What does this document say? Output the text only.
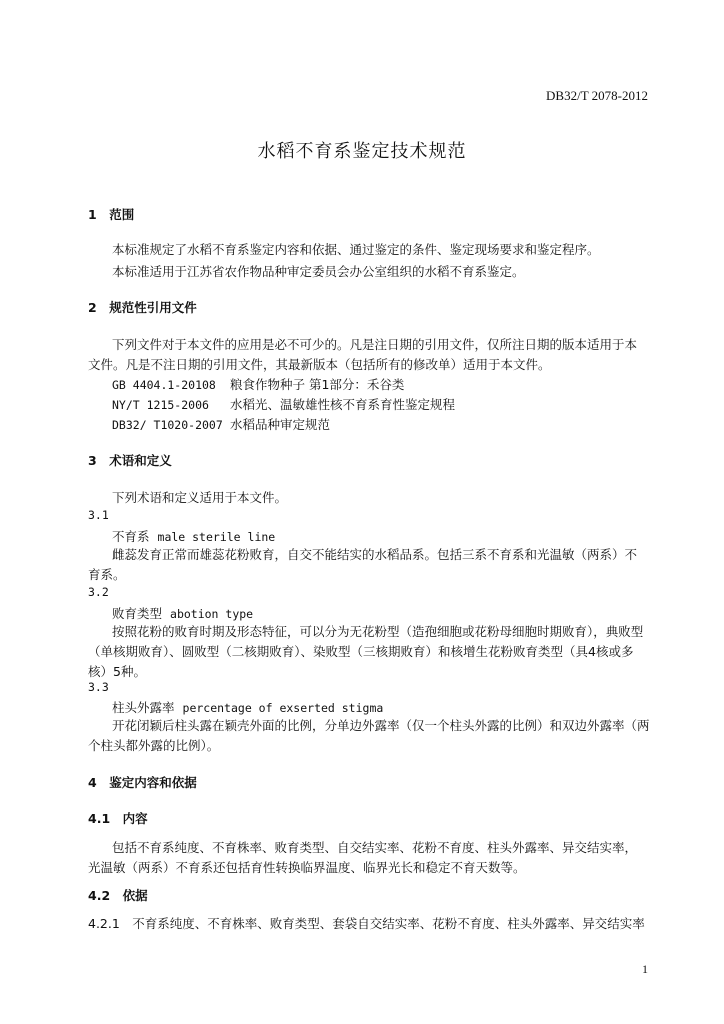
DB32/T 2078-2012
水稻不育系鉴定技术规范
1　范围
本标准规定了水稻不育系鉴定内容和依据、通过鉴定的条件、鉴定现场要求和鉴定程序。
本标准适用于江苏省农作物品种审定委员会办公室组织的水稻不育系鉴定。
2　规范性引用文件
下列文件对于本文件的应用是必不可少的。凡是注日期的引用文件，仅所注日期的版本适用于本
文件。凡是不注日期的引用文件，其最新版本（包括所有的修改单）适用于本文件。
GB 4404.1-20108 粮食作物种子 第1部分：禾谷类
NY/T 1215-2006 水稻光、温敏雄性核不育系育性鉴定规程
DB32/ T1020-2007 水稻品种审定规范
3　术语和定义
下列术语和定义适用于本文件。
3.1
不育系 male sterile line
雌蕊发育正常而雄蕊花粉败育，自交不能结实的水稻品系。包括三系不育系和光温敏（两系）不
育系。
3.2
败育类型 abotion type
按照花粉的败育时期及形态特征，可以分为无花粉型（造孢细胞或花粉母细胞时期败育），典败型
（单核期败育）、圆败型（二核期败育）、染败型（三核期败育）和核增生花粉败育类型（具4核或多
核）5种。
3.3
柱头外露率 percentage of exserted stigma
开花闭颖后柱头露在颖壳外面的比例，分单边外露率（仅一个柱头外露的比例）和双边外露率（两
个柱头都外露的比例）。
4　鉴定内容和依据
4.1　内容
包括不育系纯度、不育株率、败育类型、自交结实率、花粉不育度、柱头外露率、异交结实率，
光温敏（两系）不育系还包括育性转换临界温度、临界光长和稳定不育天数等。
4.2　依据
4.2.1　不育系纯度、不育株率、败育类型、套袋自交结实率、花粉不育度、柱头外露率、异交结实率
1
